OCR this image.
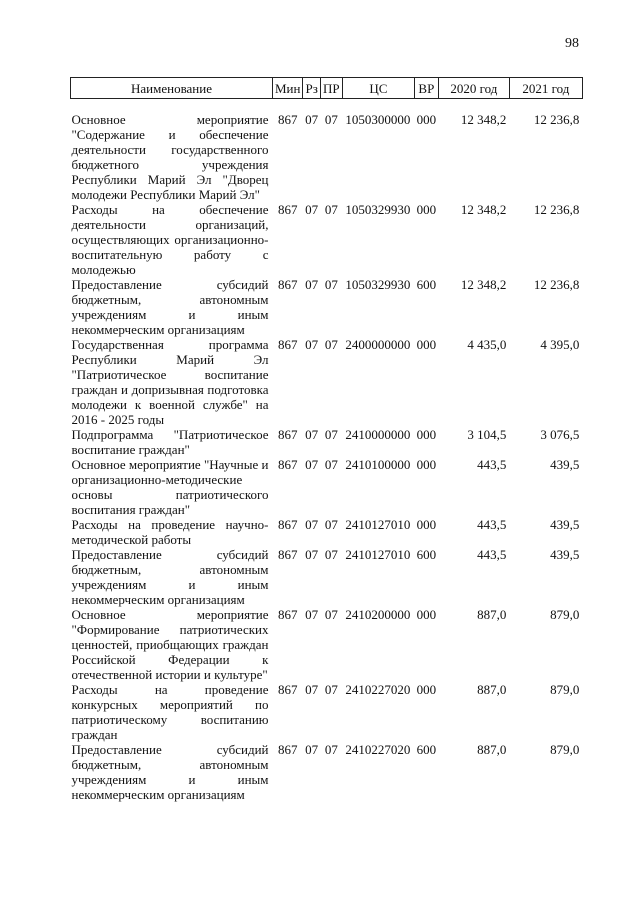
98
Наименование	Мин	Рз	ПР	ЦС	ВР	2020 год	2021 год
Основное мероприятие "Содержание и обеспечение деятельности государственного бюджетного учреждения Республики Марий Эл "Дворец молодежи Республики Марий Эл"	867	07	07	1050300000	000	12 348,2	12 236,8
Расходы на обеспечение деятельности организаций, осуществляющих организационно-воспитательную работу с молодежью	867	07	07	1050329930	000	12 348,2	12 236,8
Предоставление субсидий бюджетным, автономным учреждениям и иным некоммерческим организациям	867	07	07	1050329930	600	12 348,2	12 236,8
Государственная программа Республики Марий Эл "Патриотическое воспитание граждан и допризывная подготовка молодежи к военной службе" на 2016 - 2025 годы	867	07	07	2400000000	000	4 435,0	4 395,0
Подпрограмма "Патриотическое воспитание граждан"	867	07	07	2410000000	000	3 104,5	3 076,5
Основное мероприятие "Научные и организационно-методические основы патриотического воспитания граждан"	867	07	07	2410100000	000	443,5	439,5
Расходы на проведение научно-методической работы	867	07	07	2410127010	000	443,5	439,5
Предоставление субсидий бюджетным, автономным учреждениям и иным некоммерческим организациям	867	07	07	2410127010	600	443,5	439,5
Основное мероприятие "Формирование патриотических ценностей, приобщающих граждан Российской Федерации к отечественной истории и культуре"	867	07	07	2410200000	000	887,0	879,0
Расходы на проведение конкурсных мероприятий по патриотическому воспитанию граждан	867	07	07	2410227020	000	887,0	879,0
Предоставление субсидий бюджетным, автономным учреждениям и иным некоммерческим организациям	867	07	07	2410227020	600	887,0	879,0
